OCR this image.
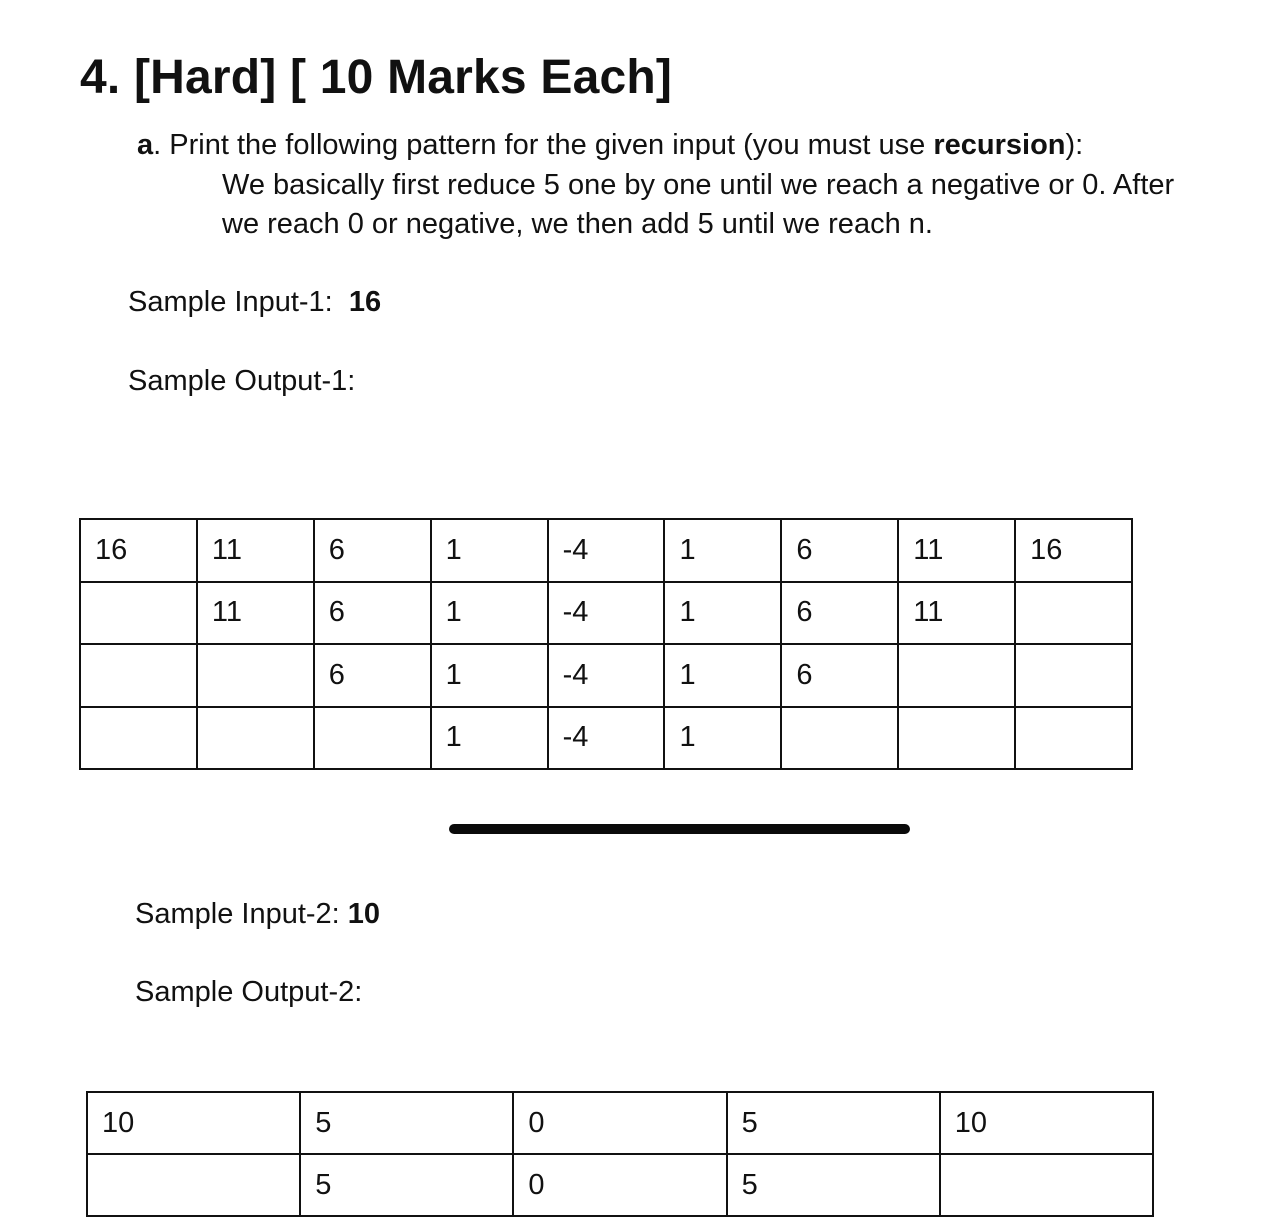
4. [Hard] [ 10 Marks Each]
a. Print the following pattern for the given input (you must use recursion):
We basically first reduce 5 one by one until we reach a negative or 0. After
we reach 0 or negative, we then add 5 until we reach n.
Sample Input-1: 16
Sample Output-1:
16	11	6	1	-4	1	6	11	16
	11	6	1	-4	1	6	11	
		6	1	-4	1	6		
			1	-4	1			
Sample Input-2: 10
Sample Output-2:
10	5	0	5	10
	5	0	5	
